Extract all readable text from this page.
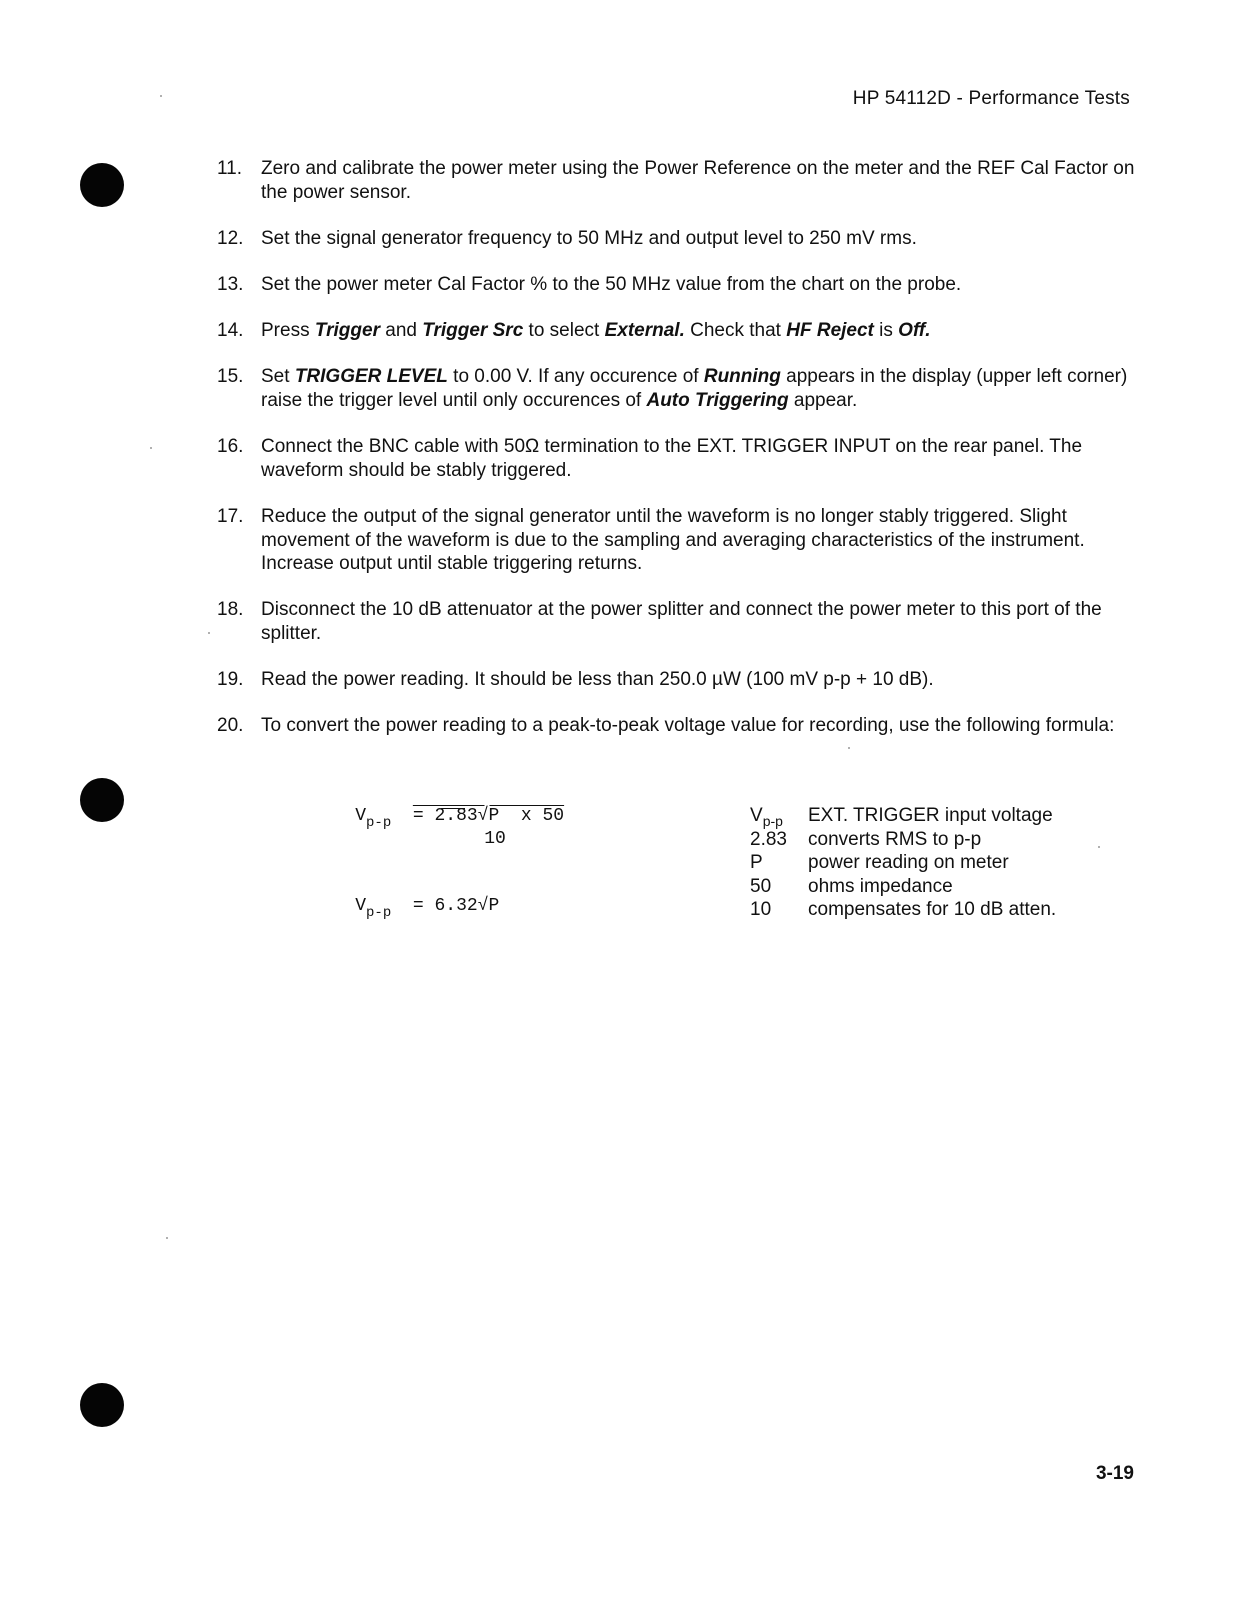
HP 54112D - Performance Tests
11. Zero and calibrate the power meter using the Power Reference on the meter and the REF Cal Factor on the power sensor.
12. Set the signal generator frequency to 50 MHz and output level to 250 mV rms.
13. Set the power meter Cal Factor % to the 50 MHz value from the chart on the probe.
14. Press Trigger and Trigger Src to select External. Check that HF Reject is Off.
15. Set TRIGGER LEVEL to 0.00 V. If any occurence of Running appears in the display (upper left corner) raise the trigger level until only occurences of Auto Triggering appear.
16. Connect the BNC cable with 50Ω termination to the EXT. TRIGGER INPUT on the rear panel. The waveform should be stably triggered.
17. Reduce the output of the signal generator until the waveform is no longer stably triggered. Slight movement of the waveform is due to the sampling and averaging characteristics of the instrument. Increase output until stable triggering returns.
18. Disconnect the 10 dB attenuator at the power splitter and connect the power meter to this port of the splitter.
19. Read the power reading. It should be less than 250.0 µW (100 mV p-p + 10 dB).
20. To convert the power reading to a peak-to-peak voltage value for recording, use the following formula:

$V_{p-p} = 2.83√P$  x 50

10

$V_{p-p} = 6.32√P$

$V_{p-p}$	EXT. TRIGGER input voltage
2.83	converts RMS to p-p
P	power reading on meter
50	ohms impedance
10	compensates for 10 dB atten.
3-19
